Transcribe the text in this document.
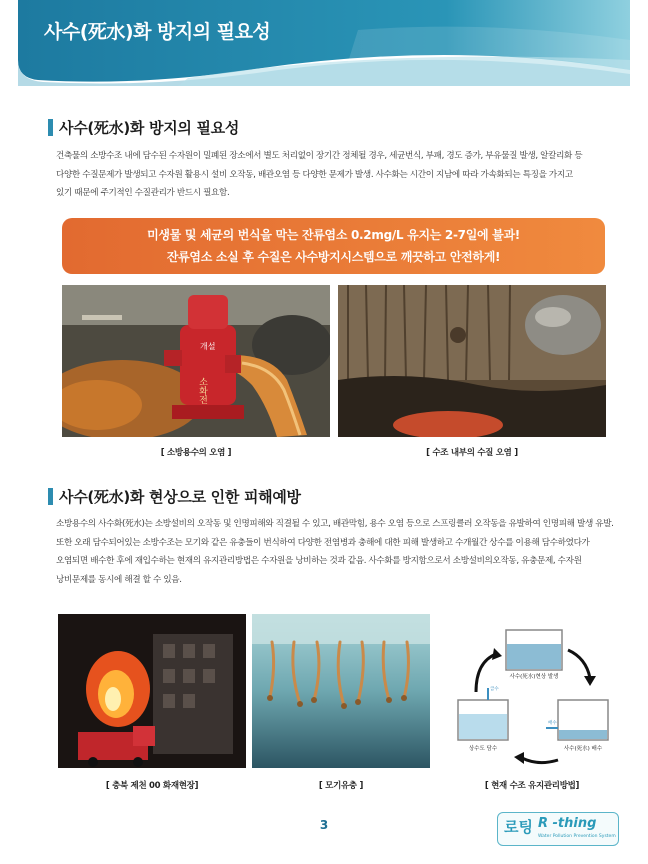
사수(死水)화 방지의 필요성
사수(死水)화 방지의 필요성

건축물의 소방수조 내에 담수된 수자원이 밀폐된 장소에서 별도 처리없이 장기간 정체될 경우, 세균번식, 부패, 경도 증가, 부유물질 발생, 알칼리화 등

다양한 수질문제가 발생되고 수자원 활용시 설비 오작동, 배관오염 등 다양한 문제가 발생. 사수화는 시간이 지남에 따라 가속화되는 특징을 가지고

있기 때문에 주기적인 수질관리가 반드시 필요함.

미생물 및 세균의 번식을 막는 잔류염소 0.2mg/L 유지는 2-7일에 불과!

잔류염소 소실 후 수질은 사수방지시스템으로 깨끗하고 안전하게!

개설
소화전
[ 소방용수의 오염 ]	[ 수조 내부의 수질 오염 ]
사수(死水)화 현상으로 인한 피해예방

소방용수의 사수화(死水)는 소방설비의 오작동 및 인명피해와 직결될 수 있고, 배관막힘, 용수 오염 등으로 스프링클러 오작동을 유발하여 인명피해 발생 유발.

또한 오래 담수되어있는 소방수조는 모기와 같은 유충들이 번식하여 다양한 전염병과 충해에 대한 피해 발생하고 수개월간 상수를 이용해 담수하였다가

오염되면 배수한 후에 재입수하는 현재의 유지관리방법은 수자원을 낭비하는 것과 같음. 사수화를 방지함으로서 소방설비의오작동, 유충문제, 수자원

낭비문제를 동시에 해결 할 수 있음.

[ 충북 제천 00 화재현장]	[ 모기유충 ]
사수(死水)현상 발생
급수
상수도 담수
배수
사수(死水) 배수
[ 현재 수조 유지관리방법]
3	로팅 R -thing
Water Pollution Prevention System
